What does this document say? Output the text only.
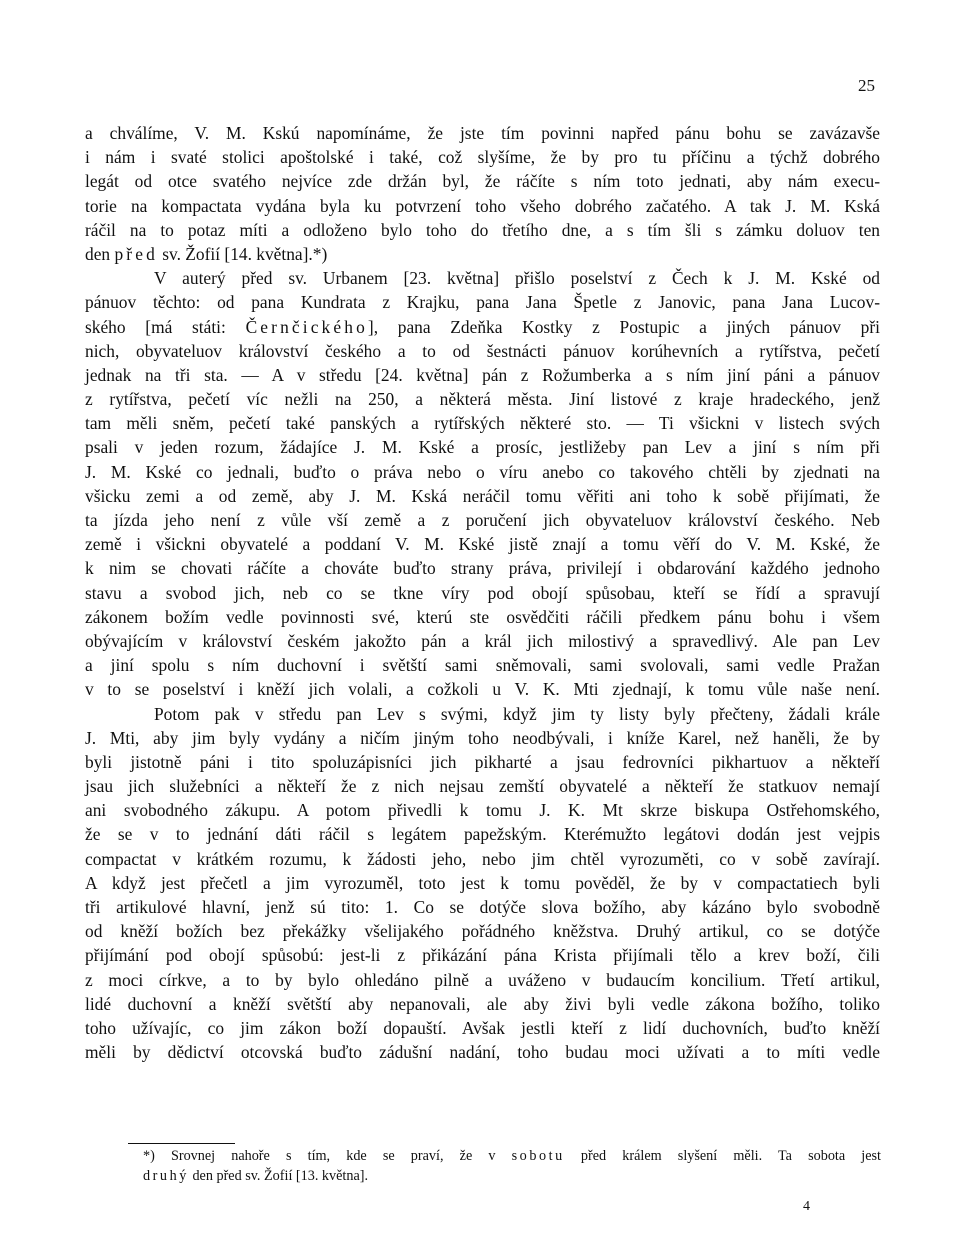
25
a chválíme, V. M. Kskú napomínáme, že jste tím povinni napřed pánu bohu se zavázavše
i nám i svaté stolici apoštolské i také, což slyšíme, že by pro tu příčinu a týchž dobrého
legát od otce svatého nejvíce zde držán byl, že ráčíte s ním toto jednati, aby nám execu-
torie na kompactata vydána byla ku potvrzení toho všeho dobrého začatého. A tak J. M. Kská
ráčil na to potaz míti a odloženo bylo toho do třetího dne, a s tím šli s zámku doluov ten
den před sv. Žofií [14. května].*)
V auterý před sv. Urbanem [23. května] přišlo poselství z Čech k J. M. Kské od
pánuov těchto: od pana Kundrata z Krajku, pana Jana Špetle z Janovic, pana Jana Lucov-
ského [má státi: Černčického], pana Zdeňka Kostky z Postupic a jiných pánuov při
nich, obyvateluov království českého a to od šestnácti pánuov korúhevních a rytířstva, pečetí
jednak na tři sta. — A v středu [24. května] pán z Rožumberka a s ním jiní páni a pánuov
z rytířstva, pečetí víc nežli na 250, a některá města. Jiní listové z kraje hradeckého, jenž
tam měli sněm, pečetí také panských a rytířských některé sto. — Ti všickni v listech svých
psali v jeden rozum, žádajíce J. M. Kské a prosíc, jestližeby pan Lev a jiní s ním při
J. M. Kské co jednali, buďto o práva nebo o víru anebo co takového chtěli by zjednati na
všicku zemi a od země, aby J. M. Kská neráčil tomu věřiti ani toho k sobě přijímati, že
ta jízda jeho není z vůle vší země a z poručení jich obyvateluov království českého. Neb
země i všickni obyvatelé a poddaní V. M. Kské jistě znají a tomu věří do V. M. Kské, že
k nim se chovati ráčíte a chováte buďto strany práva, privilejí i obdarování každého jednoho
stavu a svobod jich, neb co se tkne víry pod obojí spůsobau, kteří se řídí a spravují
zákonem božím vedle povinnosti své, kterú ste osvědčiti ráčili předkem pánu bohu i všem
obývajícím v království českém jakožto pán a král jich milostivý a spravedlivý. Ale pan Lev
a jiní spolu s ním duchovní i světští sami sněmovali, sami svolovali, sami vedle Pražan
v to se poselství i kněží jich volali, a cožkoli u V. K. Mti zjednají, k tomu vůle naše není.
Potom pak v středu pan Lev s svými, když jim ty listy byly přečteny, žádali krále
J. Mti, aby jim byly vydány a ničím jiným toho neodbývali, i kníže Karel, než haněli, že by
byli jistotně páni i tito spoluzápisníci jich pikharté a jsau fedrovníci pikhartuov a někteří
jsau jich služebníci a někteří že z nich nejsau zemští obyvatelé a někteří že statkuov nemají
ani svobodného zákupu. A potom přivedli k tomu J. K. Mt skrze biskupa Ostřehomského,
že se v to jednání dáti ráčil s legátem papežským. Kterémužto legátovi dodán jest vejpis
compactat v krátkém rozumu, k žádosti jeho, nebo jim chtěl vyrozuměti, co v sobě zavírají.
A když jest přečetl a jim vyrozuměl, toto jest k tomu pověděl, že by v compactatiech byli
tři artikulové hlavní, jenž sú tito: 1. Co se dotýče slova božího, aby kázáno bylo svobodně
od kněží božích bez překážky všelijakého pořádného kněžstva. Druhý artikul, co se dotýče
přijímání pod obojí spůsobú: jest-li z přikázání pána Krista přijímali tělo a krev boží, čili
z moci církve, a to by bylo ohledáno pilně a uváženo v budaucím koncilium. Třetí artikul,
lidé duchovní a kněží světští aby nepanovali, ale aby živi byli vedle zákona božího, toliko
toho užívajíc, co jim zákon boží dopauští. Avšak jestli kteří z lidí duchovních, buďto kněží
měli by dědictví otcovská buďto zádušní nadání, toho budau moci užívati a to míti vedle
*) Srovnej nahoře s tím, kde se praví, že v sobotu před králem slyšení měli. Ta sobota jest
druhý den před sv. Žofií [13. května].
4
